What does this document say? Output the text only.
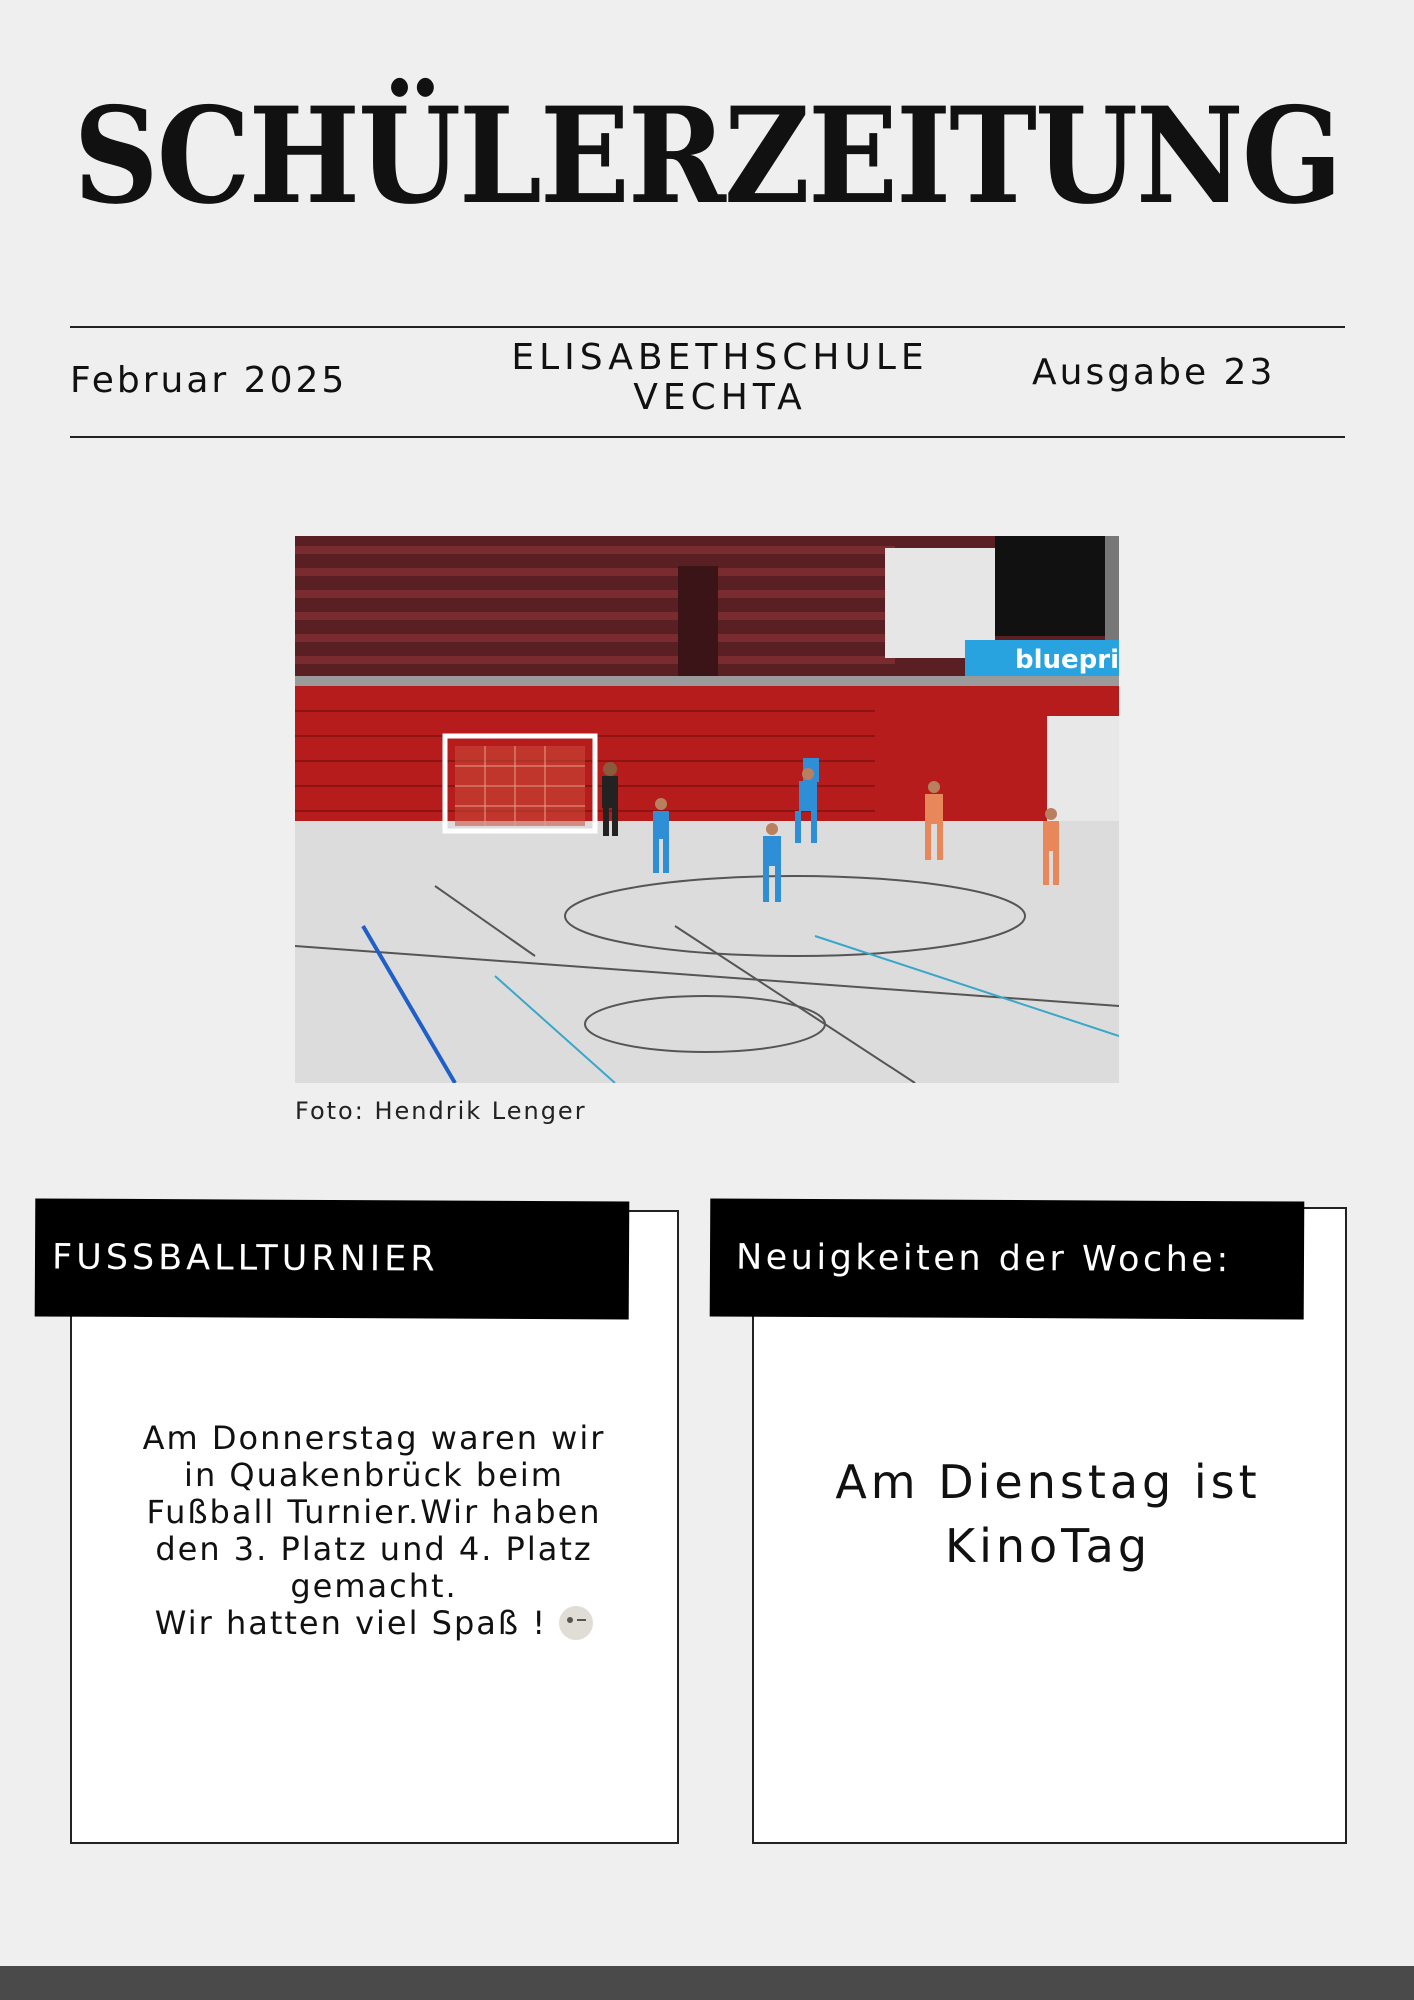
SCHÜLERZEITUNG
Februar 2025
ELISABETHSCHULE
VECHTA
Ausgabe 23
bluepri
Foto: Hendrik Lenger
FUSSBALLTURNIER
Am Donnerstag waren wir
in Quakenbrück beim
Fußball Turnier.Wir haben
den 3. Platz und 4. Platz
gemacht.
Wir hatten viel Spaß !
Neuigkeiten der Woche:
Am Dienstag ist
KinoTag
